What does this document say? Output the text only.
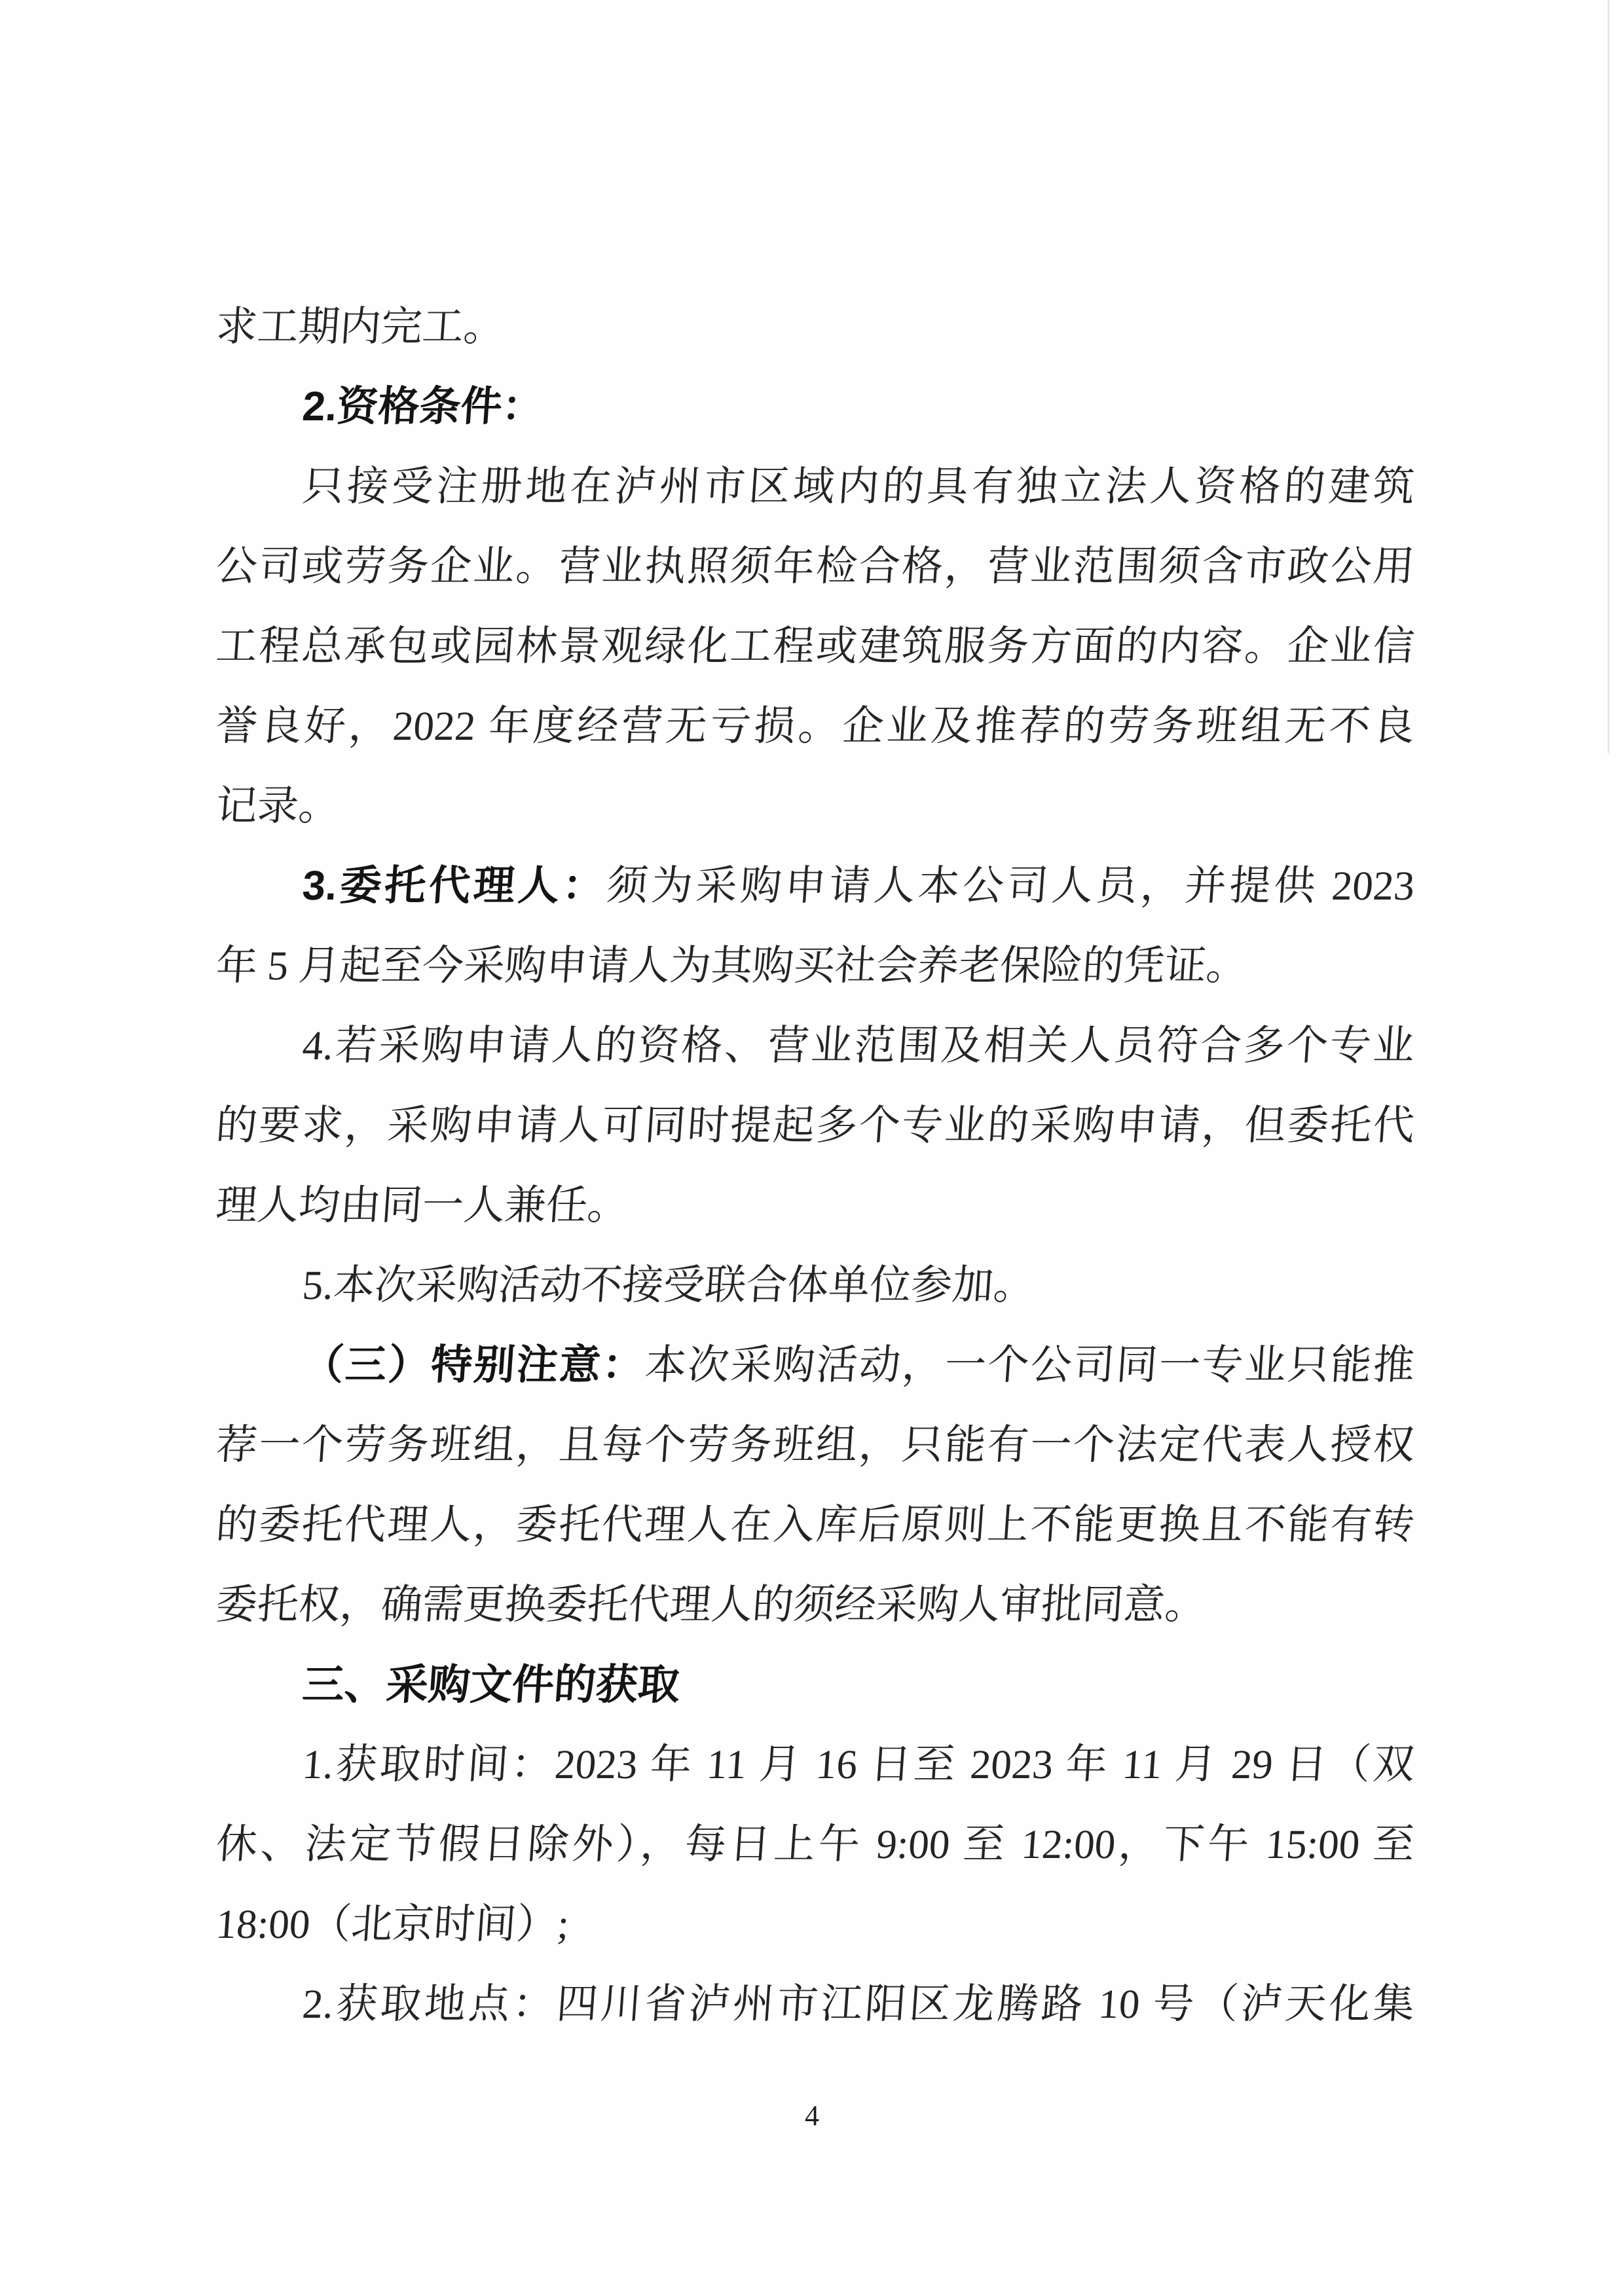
求工期内完工。
2.资格条件：
只接受注册地在泸州市区域内的具有独立法人资格的建筑
公司或劳务企业。营业执照须年检合格，营业范围须含市政公用
工程总承包或园林景观绿化工程或建筑服务方面的内容。企业信
誉良好，2022 年度经营无亏损。企业及推荐的劳务班组无不良
记录。
3.委托代理人：须为采购申请人本公司人员，并提供 2023
年 5 月起至今采购申请人为其购买社会养老保险的凭证。
4.若采购申请人的资格、营业范围及相关人员符合多个专业
的要求，采购申请人可同时提起多个专业的采购申请，但委托代
理人均由同一人兼任。
5.本次采购活动不接受联合体单位参加。
（三）特别注意：本次采购活动，一个公司同一专业只能推
荐一个劳务班组，且每个劳务班组，只能有一个法定代表人授权
的委托代理人，委托代理人在入库后原则上不能更换且不能有转
委托权，确需更换委托代理人的须经采购人审批同意。
三、采购文件的获取
1.获取时间：2023 年 11 月 16 日至 2023 年 11 月 29 日（双
休、法定节假日除外），每日上午 9:00 至 12:00，下午 15:00 至
18:00（北京时间）;
2.获取地点：四川省泸州市江阳区龙腾路 10 号（泸天化集
4
